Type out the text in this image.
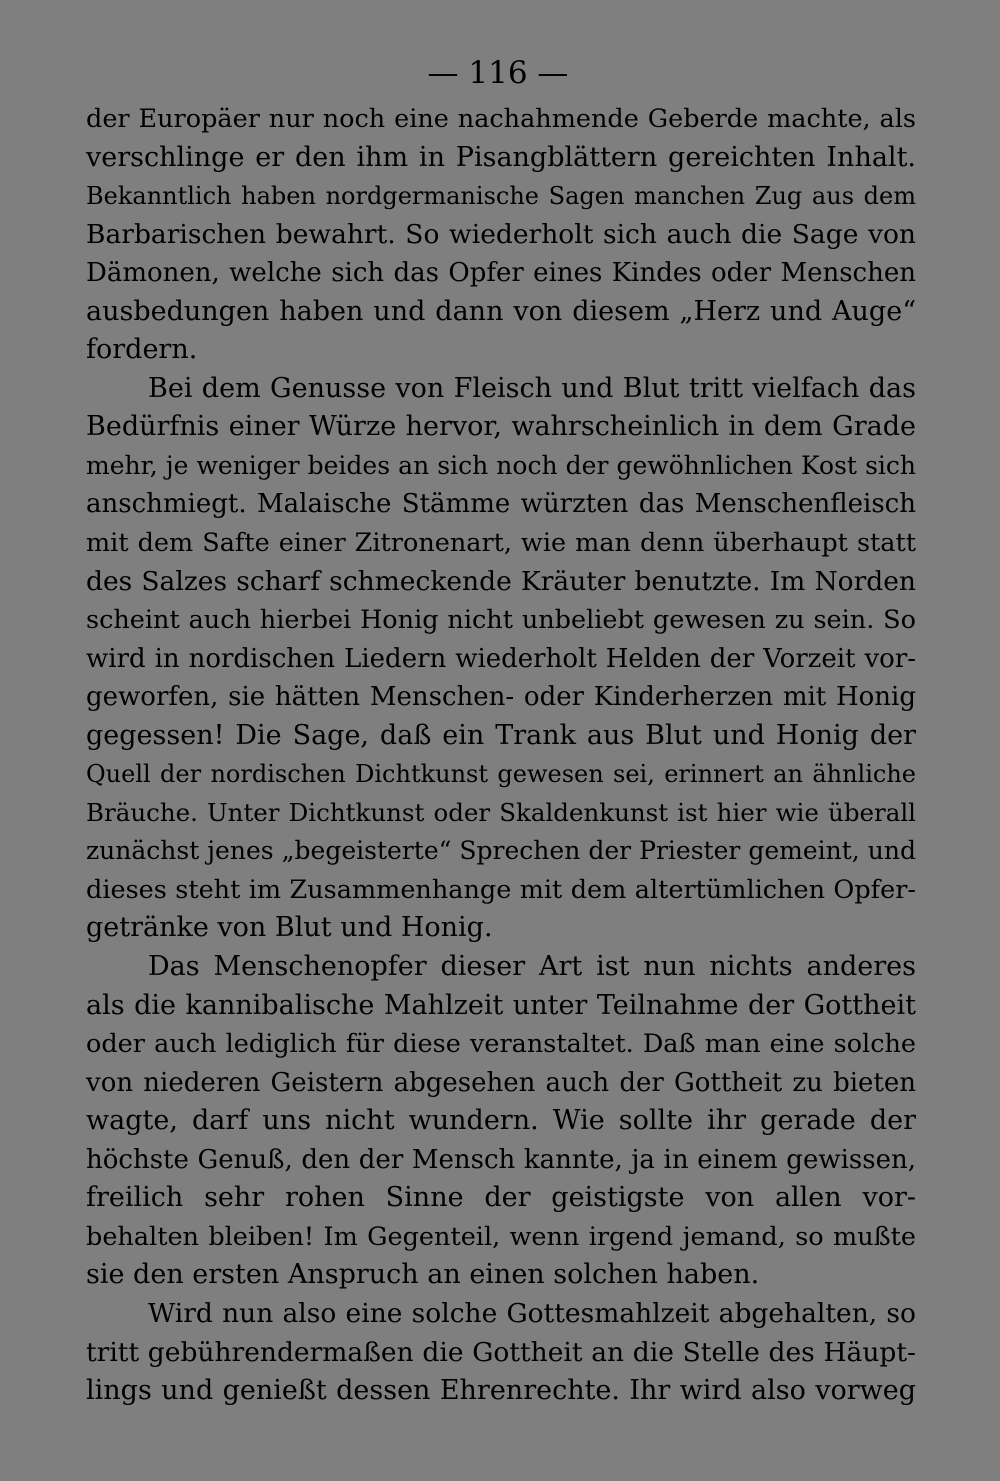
— 116 —
der Europäer nur noch eine nachahmende Geberde machte, als
verschlinge er den ihm in Pisangblättern gereichten Inhalt.
Bekanntlich haben nordgermanische Sagen manchen Zug aus dem
Barbarischen bewahrt. So wiederholt sich auch die Sage von
Dämonen, welche sich das Opfer eines Kindes oder Menschen
ausbedungen haben und dann von diesem „Herz und Auge“
fordern.
Bei dem Genusse von Fleisch und Blut tritt vielfach das
Bedürfnis einer Würze hervor, wahrscheinlich in dem Grade
mehr, je weniger beides an sich noch der gewöhnlichen Kost sich
anschmiegt. Malaische Stämme würzten das Menschenfleisch
mit dem Safte einer Zitronenart, wie man denn überhaupt statt
des Salzes scharf schmeckende Kräuter benutzte. Im Norden
scheint auch hierbei Honig nicht unbeliebt gewesen zu sein. So
wird in nordischen Liedern wiederholt Helden der Vorzeit vor-
geworfen, sie hätten Menschen- oder Kinderherzen mit Honig
gegessen! Die Sage, daß ein Trank aus Blut und Honig der
Quell der nordischen Dichtkunst gewesen sei, erinnert an ähnliche
Bräuche. Unter Dichtkunst oder Skaldenkunst ist hier wie überall
zunächst jenes „begeisterte“ Sprechen der Priester gemeint, und
dieses steht im Zusammenhange mit dem altertümlichen Opfer-
getränke von Blut und Honig.
Das Menschenopfer dieser Art ist nun nichts anderes
als die kannibalische Mahlzeit unter Teilnahme der Gottheit
oder auch lediglich für diese veranstaltet. Daß man eine solche
von niederen Geistern abgesehen auch der Gottheit zu bieten
wagte, darf uns nicht wundern. Wie sollte ihr gerade der
höchste Genuß, den der Mensch kannte, ja in einem gewissen,
freilich sehr rohen Sinne der geistigste von allen vor-
behalten bleiben! Im Gegenteil, wenn irgend jemand, so mußte
sie den ersten Anspruch an einen solchen haben.
Wird nun also eine solche Gottesmahlzeit abgehalten, so
tritt gebührendermaßen die Gottheit an die Stelle des Häupt-
lings und genießt dessen Ehrenrechte. Ihr wird also vorweg
